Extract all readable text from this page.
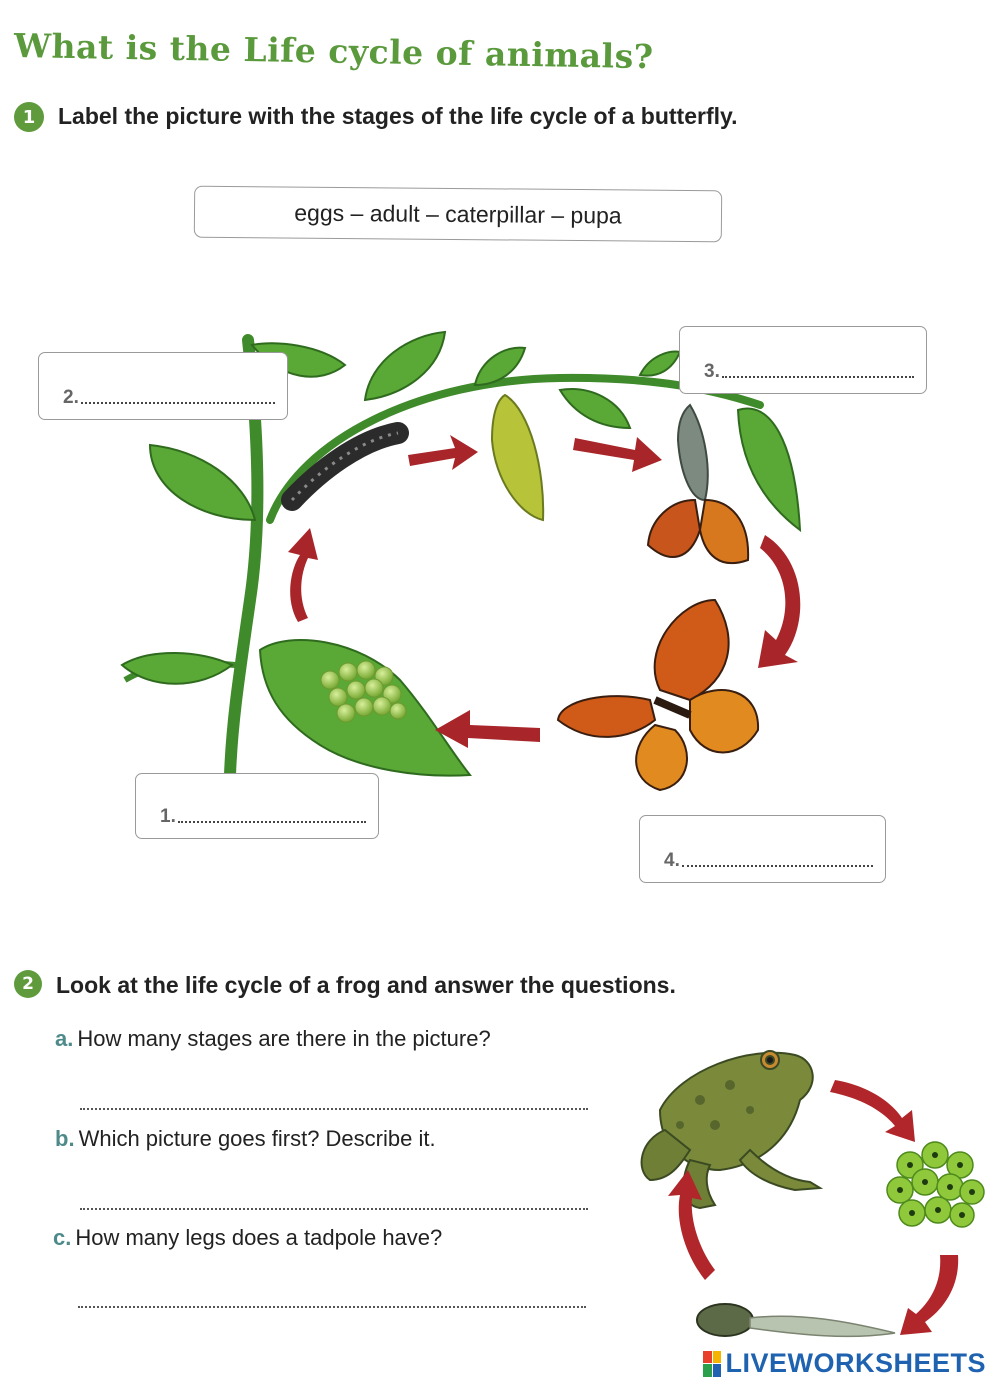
What is the Life cycle of animals?
1 Label the picture with the stages of the life cycle of a butterfly.
eggs – adult – caterpillar – pupa
2.
3.
1.
4.
2 Look at the life cycle of a frog and answer the questions.
a. How many stages are there in the picture?
b. Which picture goes first? Describe it.
c. How many legs does a tadpole have?
LIVEWORKSHEETS
